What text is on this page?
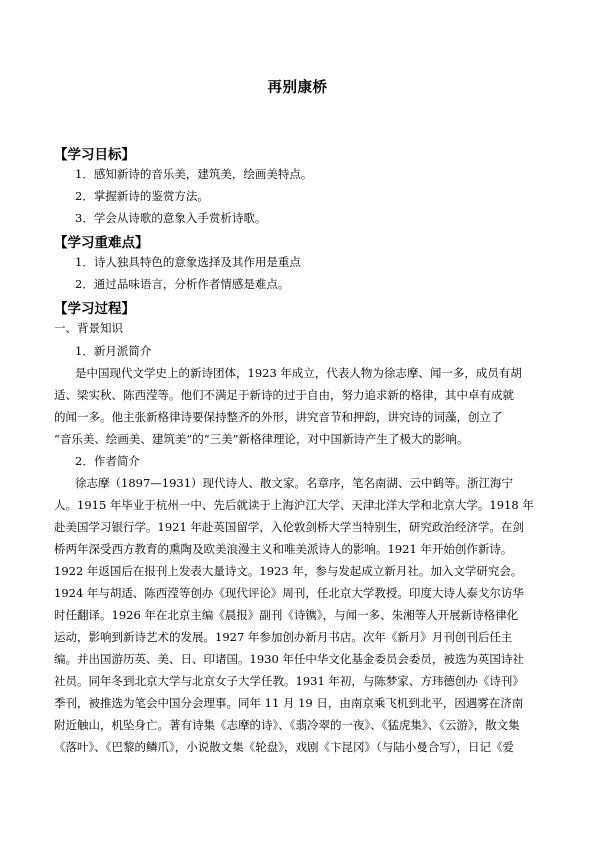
再别康桥
【学习目标】
1．感知新诗的音乐美，建筑美，绘画美特点。
2．掌握新诗的鉴赏方法。
3．学会从诗歌的意象入手赏析诗歌。
【学习重难点】
1．诗人独具特色的意象选择及其作用是重点
2．通过品味语言，分析作者情感是难点。
【学习过程】
一、背景知识
1．新月派简介
是中国现代文学史上的新诗团体，1923 年成立，代表人物为徐志摩、闻一多，成员有胡
适、梁实秋、陈西滢等。他们不满足于新诗的过于自由，努力追求新的格律，其中卓有成就
的闻一多。他主张新格律诗要保持整齐的外形，讲究音节和押韵，讲究诗的词藻，创立了
“音乐美、绘画美、建筑美”的“三美”新格律理论，对中国新诗产生了极大的影响。
2．作者简介
徐志摩（1897—1931）现代诗人、散文家。名章序，笔名南湖、云中鹤等。浙江海宁
人。1915 年毕业于杭州一中、先后就读于上海沪江大学、天津北洋大学和北京大学。1918 年
赴美国学习银行学。1921 年赴英国留学，入伦敦剑桥大学当特别生，研究政治经济学。在剑
桥两年深受西方教育的熏陶及欧美浪漫主义和唯美派诗人的影响。1921 年开始创作新诗。
1922 年返国后在报刊上发表大量诗文。1923 年，参与发起成立新月社。加入文学研究会。
1924 年与胡适、陈西滢等创办《现代评论》周刊，任北京大学教授。印度大诗人泰戈尔访华
时任翻译。1926 年在北京主编《晨报》副刊《诗镌》，与闻一多、朱湘等人开展新诗格律化
运动，影响到新诗艺术的发展。1927 年参加创办新月书店。次年《新月》月刊创刊后任主
编。并出国游历英、美、日、印诸国。1930 年任中华文化基金委员会委员，被选为英国诗社
社员。同年冬到北京大学与北京女子大学任教。1931 年初，与陈梦家、方玮德创办《诗刊》
季刊，被推选为笔会中国分会理事。同年 11 月 19 日，由南京乘飞机到北平，因遇雾在济南
附近触山，机坠身亡。著有诗集《志摩的诗》、《翡冷翠的一夜》、《猛虎集》、《云游》，散文集
《落叶》、《巴黎的鳞爪》，小说散文集《轮盘》，戏剧《卞昆冈》（与陆小曼合写），日记《爱
